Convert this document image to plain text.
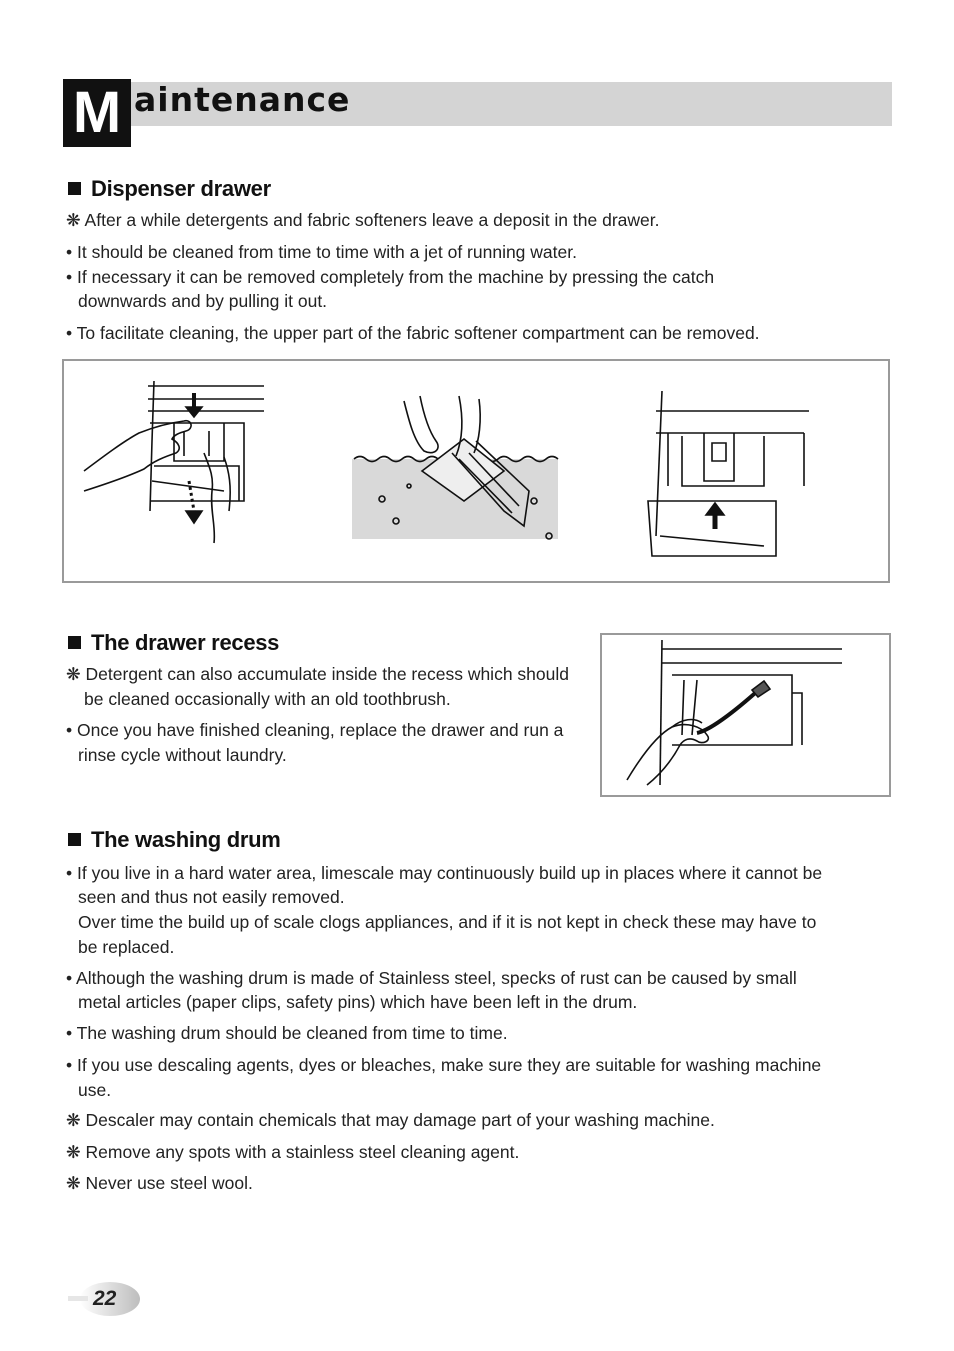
M aintenance
Dispenser drawer
❋ After a while detergents and fabric softeners leave a deposit in the drawer.
• It should be cleaned from time to time with a jet of running water.
• If necessary it can be removed completely from the machine by pressing the catch
downwards and by pulling it out.
• To facilitate cleaning, the upper part of the fabric softener compartment can be removed.
The drawer recess
❋ Detergent can also accumulate inside the recess which should
be cleaned occasionally with an old toothbrush.
• Once you have finished cleaning, replace the drawer and run a
rinse cycle without laundry.
The washing drum
• If you live in a hard water area, limescale may continuously build up in places where it cannot be
seen and thus not easily removed.
Over time the build up of scale clogs appliances, and if it is not kept in check these may have to
be replaced.
• Although the washing drum is made of Stainless steel, specks of rust can be caused by small
metal articles (paper clips, safety pins) which have been left in the drum.
• The washing drum should be cleaned from time to time.
• If you use descaling agents, dyes or bleaches, make sure they are suitable for washing machine
use.
❋ Descaler may contain chemicals that may damage part of your washing machine.
❋ Remove any spots with a stainless steel cleaning agent.
❋ Never use steel wool.
22
